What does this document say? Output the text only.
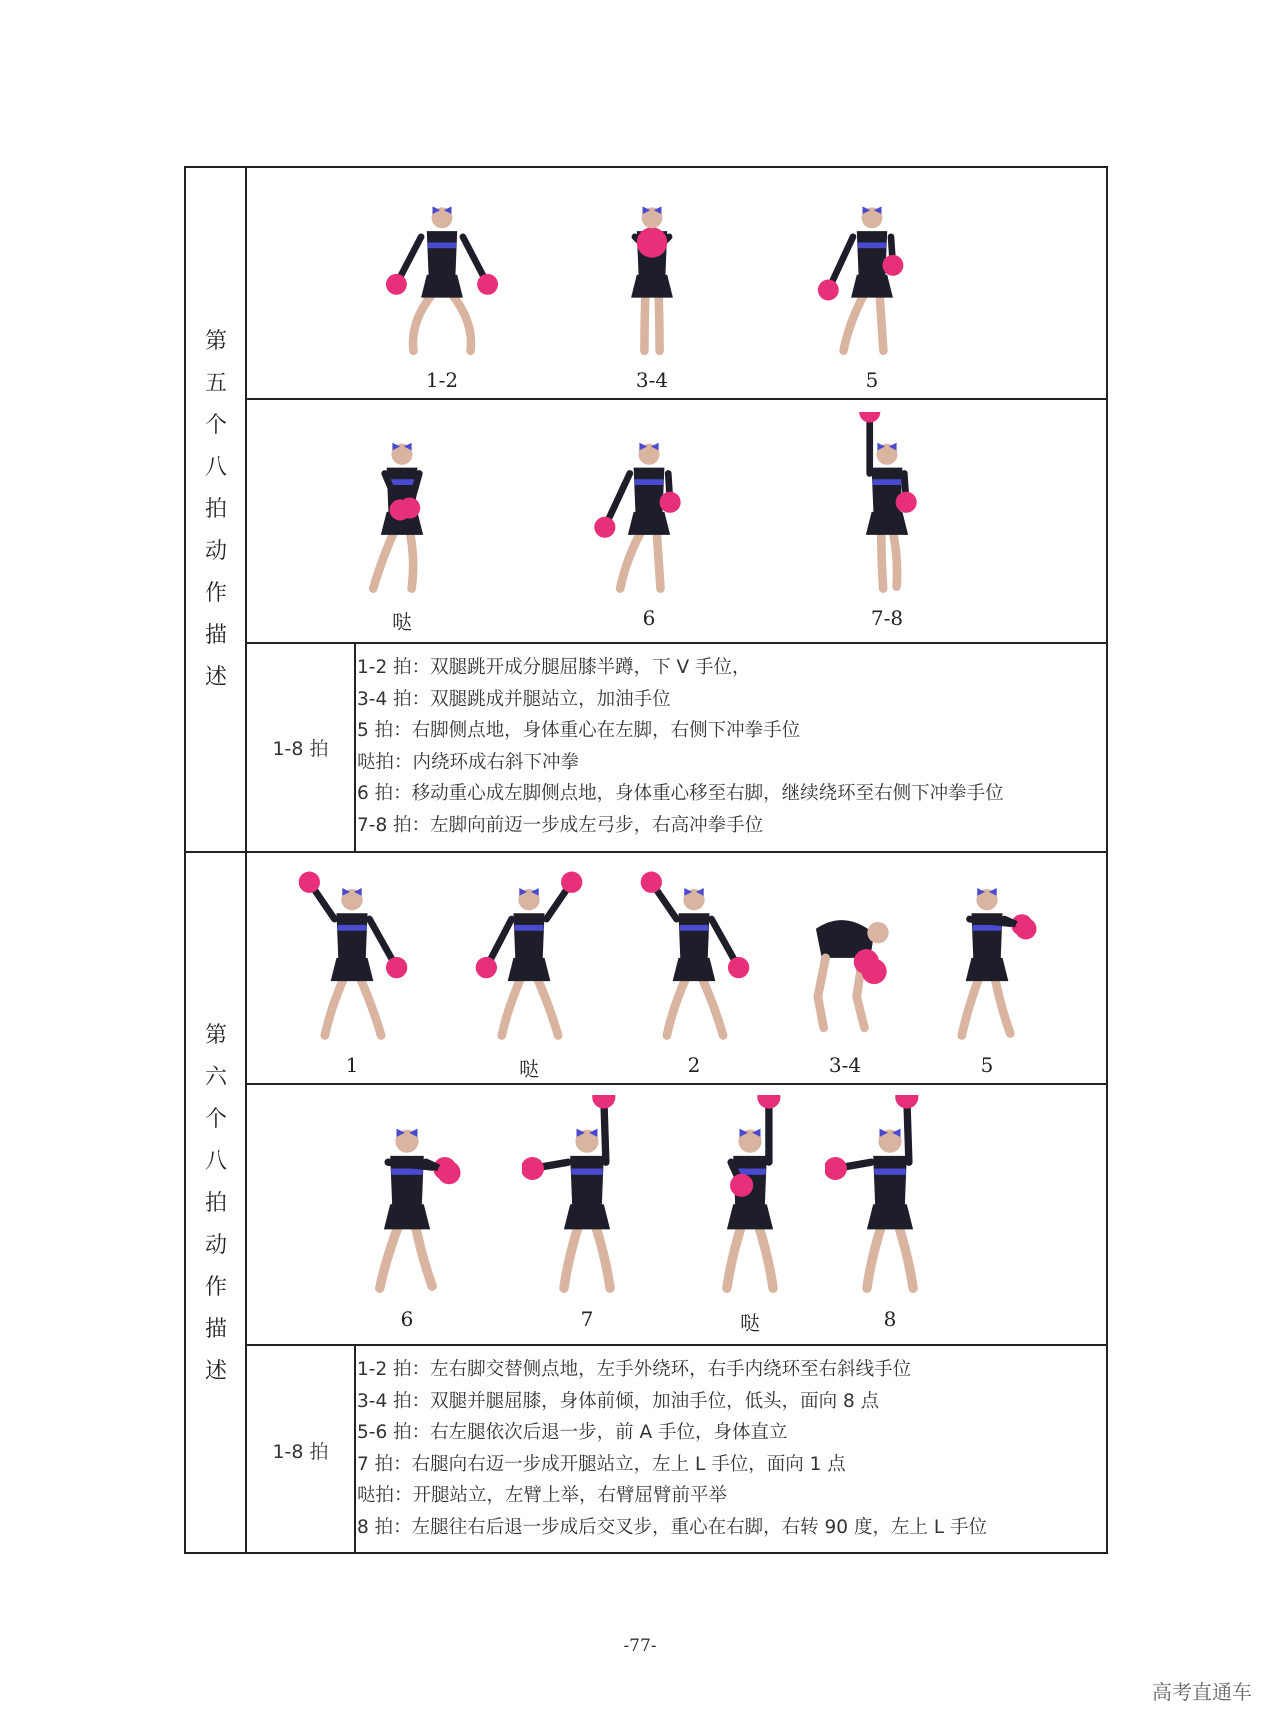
第
五
个
八
拍
动
作
描
述
第
六
个
八
拍
动
作
描
述
1-2	3-4	5
哒	6	7-8
1-8 拍
1-2 拍：双腿跳开成分腿屈膝半蹲，下 V 手位，
3-4 拍：双腿跳成并腿站立，加油手位
5 拍：右脚侧点地，身体重心在左脚，右侧下冲拳手位
哒拍：内绕环成右斜下冲拳
6 拍：移动重心成左脚侧点地，身体重心移至右脚，继续绕环至右侧下冲拳手位
7-8 拍：左脚向前迈一步成左弓步，右高冲拳手位
1	哒	2	3-4	5
6	7	哒	8
1-8 拍
1-2 拍：左右脚交替侧点地，左手外绕环，右手内绕环至右斜线手位
3-4 拍：双腿并腿屈膝，身体前倾，加油手位，低头，面向 8 点
5-6 拍：右左腿依次后退一步，前 A 手位，身体直立
7 拍：右腿向右迈一步成开腿站立，左上 L 手位，面向 1 点
哒拍：开腿站立，左臂上举，右臂屈臂前平举
8 拍：左腿往右后退一步成后交叉步，重心在右脚，右转 90 度，左上 L 手位
-77-
高考直通车
